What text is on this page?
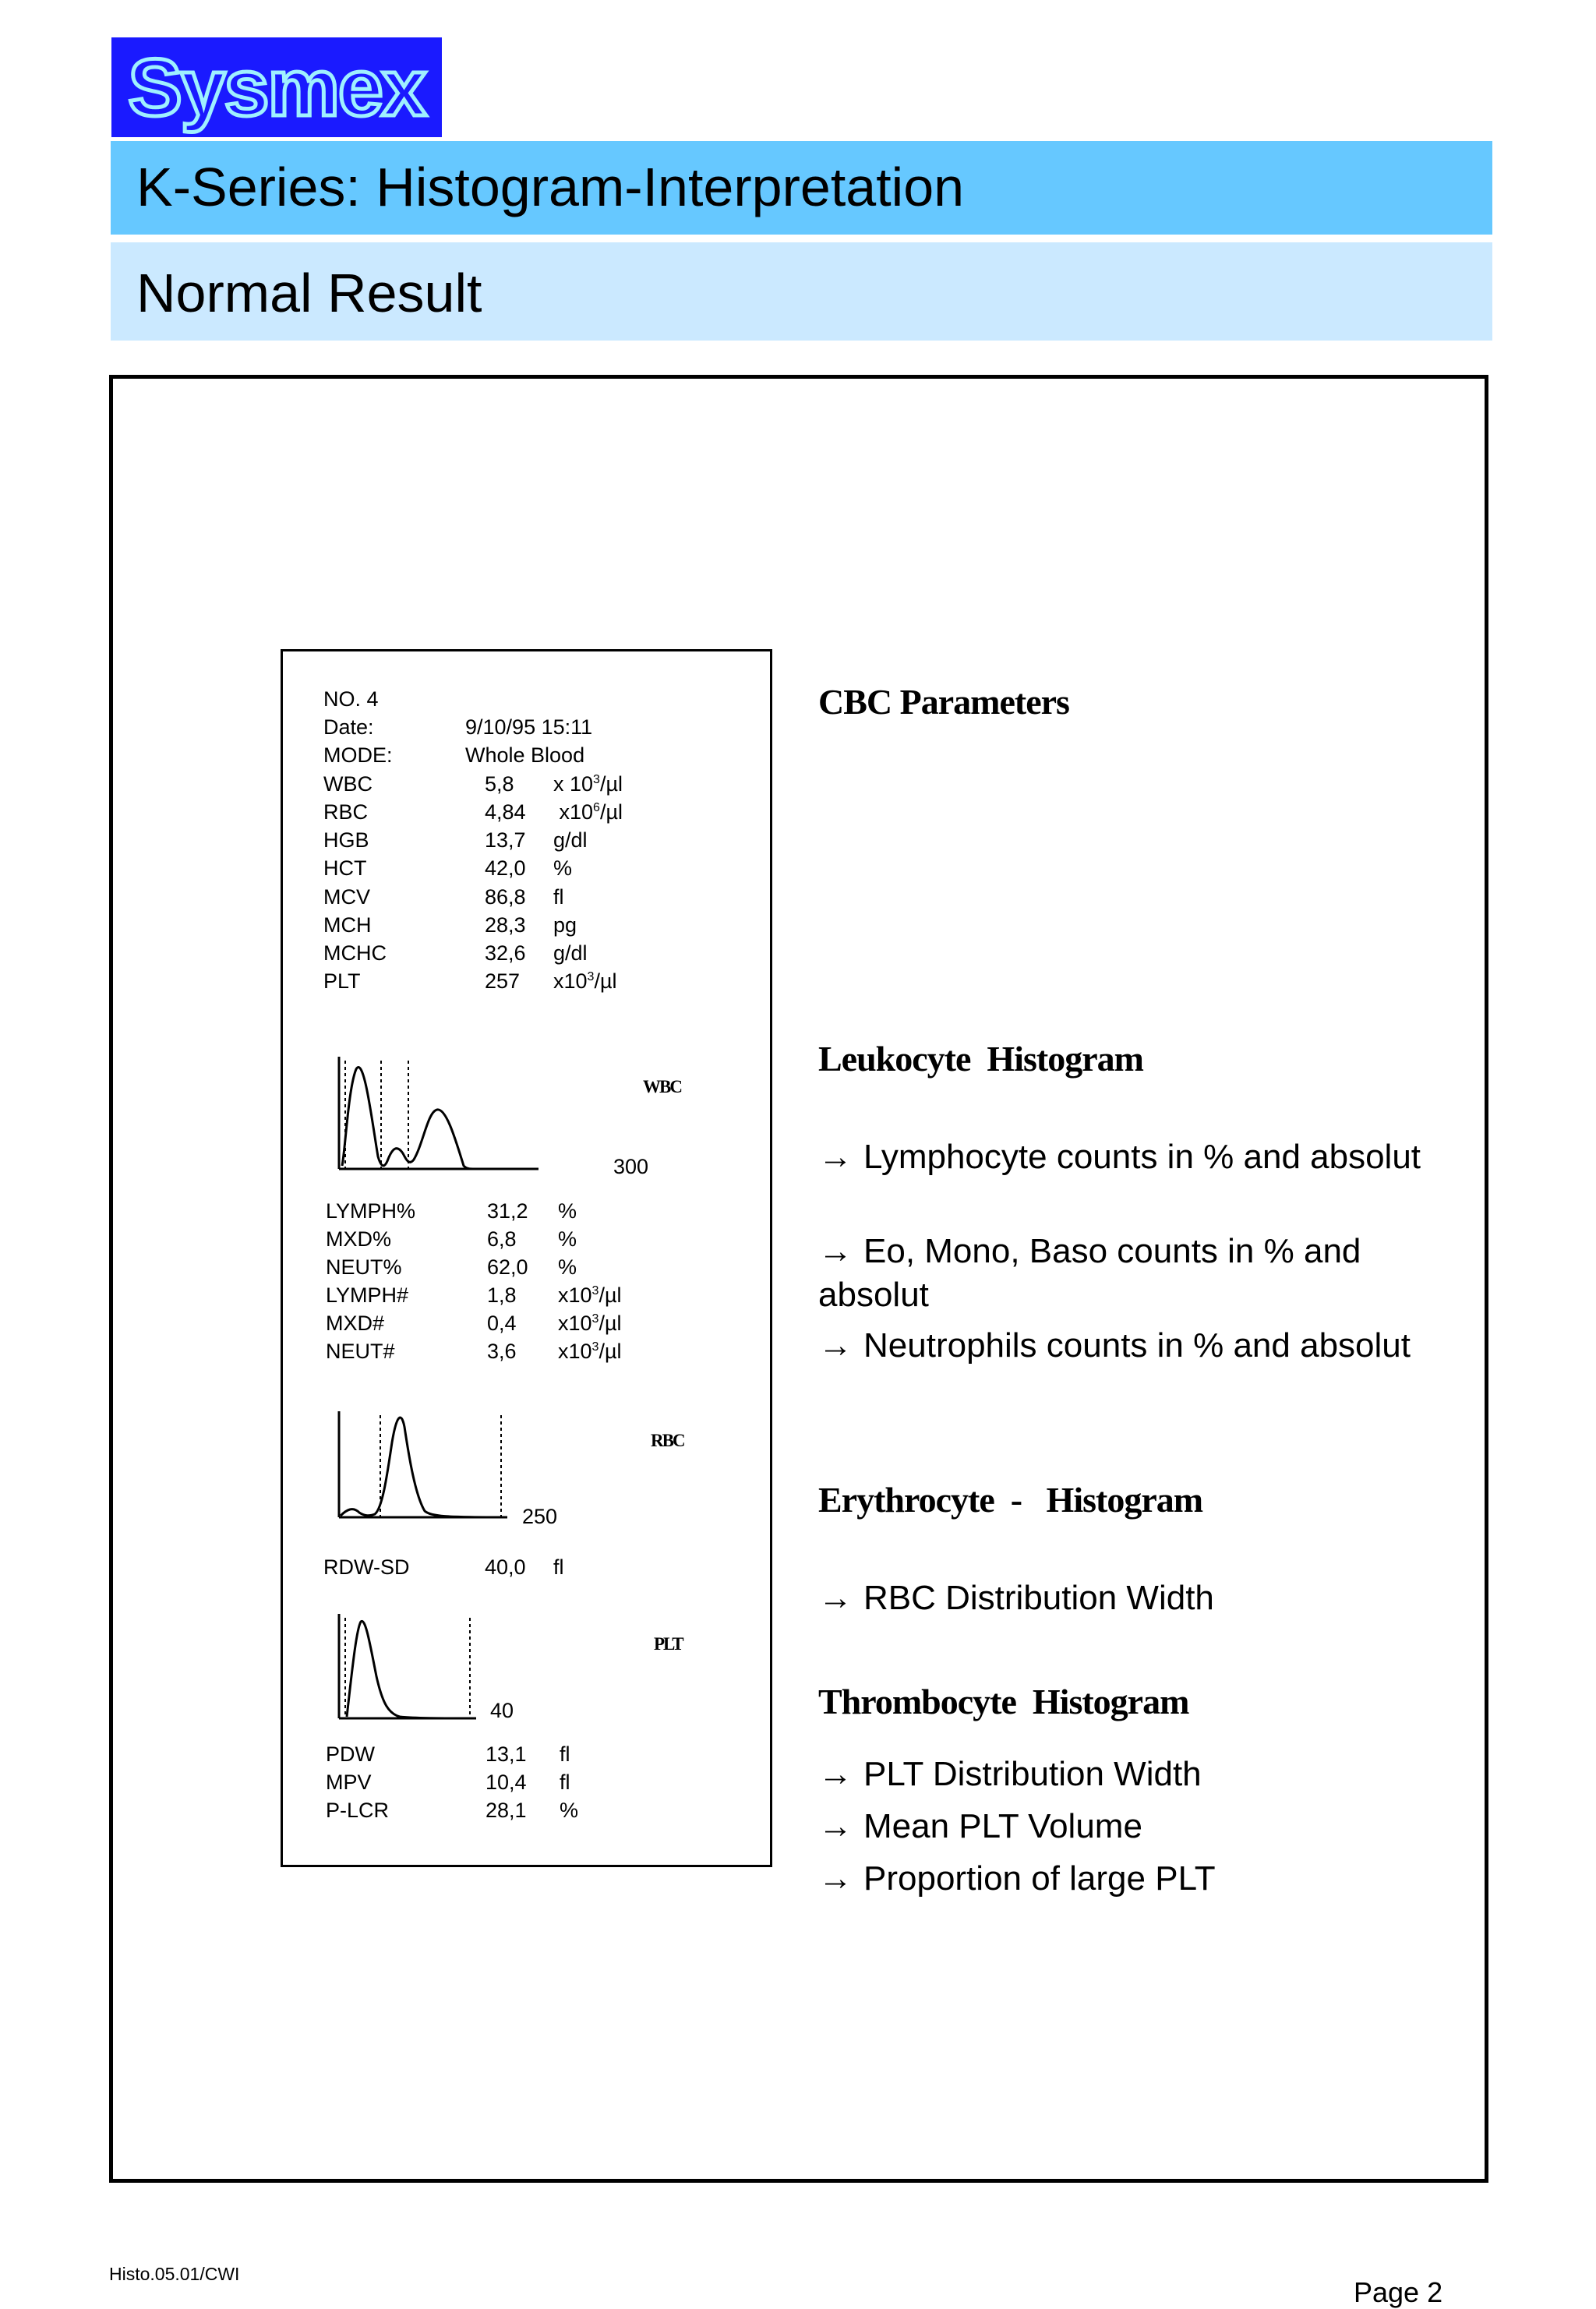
Sysmex
K-Series: Histogram-Interpretation
Normal Result
NO. 4
Date:	9/10/95 15:11
MODE:	Whole Blood
WBC	5,8 x $10^3/\mu l$
RBC	4,84 $x10^6/\mu l$
HGB	13,7 g/dl
HCT	42,0 %
MCV	86,8 fl
MCH	28,3 pg
MCHC	32,6 g/dl
PLT	257 $x10^3/\mu l$
WBC
300
LYMPH%	31,2 %
MXD%	6,8 %
NEUT%	62,0 %
LYMPH#	1,8 $x10^3/\mu l$
MXD#	0,4 $x10^3/\mu l$
NEUT#	3,6 $x10^3/\mu l$
RBC
250
RDW-SD	40,0 fl
PLT
40
PDW	13,1 fl
MPV	10,4 fl
P-LCR	28,1 %
CBC Parameters
Leukocyte  Histogram
→ Lymphocyte counts in % and absolut
→ Eo, Mono, Baso counts in % and absolut
→ Neutrophils counts in % and absolut
Erythrocyte  -   Histogram
→ RBC Distribution Width
Thrombocyte  Histogram
→ PLT Distribution Width
→ Mean PLT Volume
→ Proportion of large PLT
Histo.05.01/CWI
Page 2
